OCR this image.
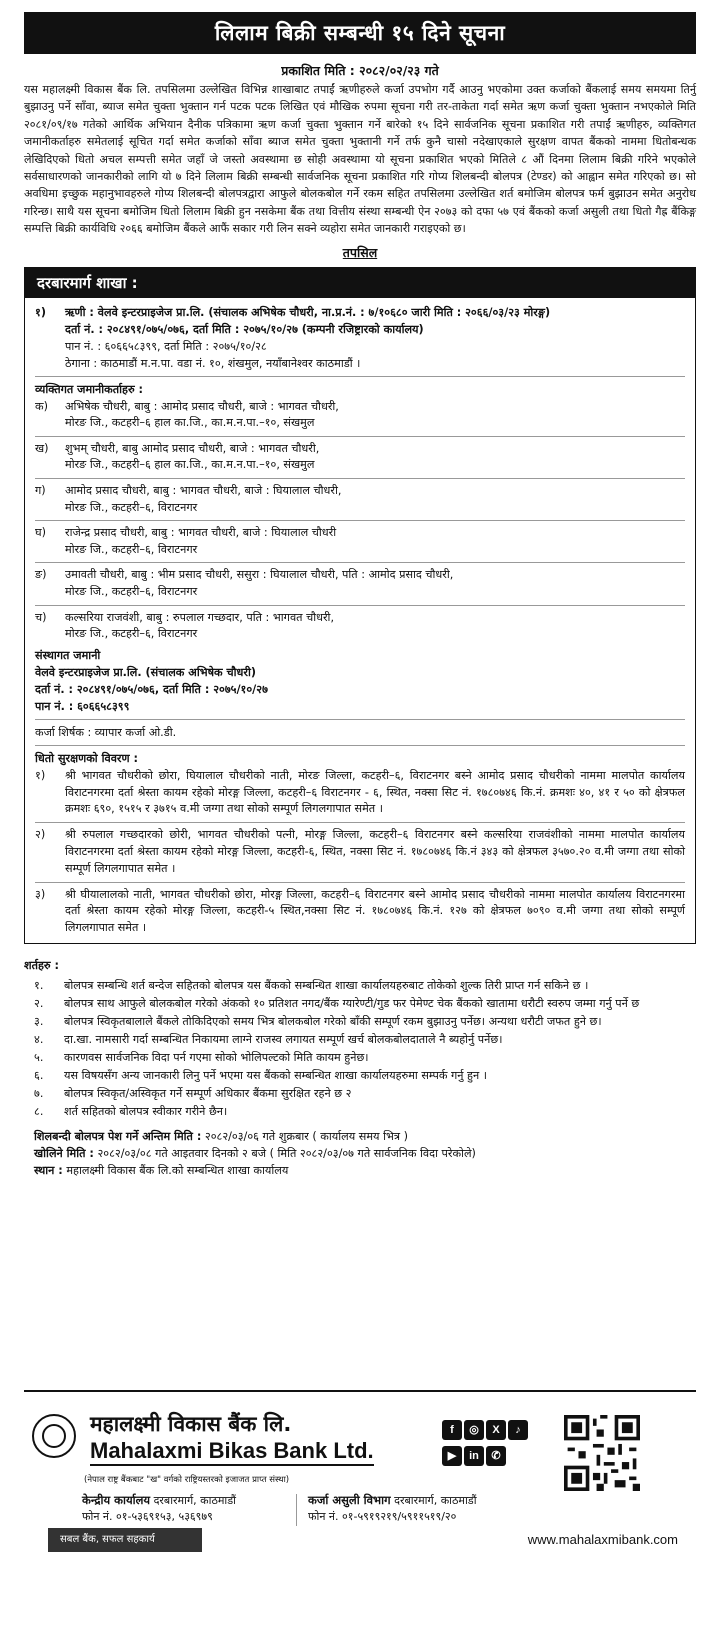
लिलाम बिक्री सम्बन्धी १५ दिने सूचना
प्रकाशित मिति : २०८२/०२/२३ गते
यस महालक्ष्मी विकास बैंक लि. तपसिलमा उल्लेखित विभिन्न शाखाबाट तपाईं ऋणीहरुले कर्जा उपभोग गर्दै आउनु भएकोमा उक्त कर्जाको बैंकलाई समय समयमा तिर्नु बुझाउनु पर्ने साँवा, ब्याज समेत चुक्ता भुक्तान गर्न पटक पटक लिखित एवं मौखिक रुपमा सूचना गरी तर-ताकेता गर्दा समेत ऋण कर्जा चुक्ता भुक्तान नभएकोले मिति २०८१/०९/१७ गतेको आर्थिक अभियान दैनीक पत्रिकामा ऋण कर्जा चुक्ता भुक्तान गर्ने बारेको १५ दिने सार्वजनिक सूचना प्रकाशित गरी तपाईं ऋणीहरु, व्यक्तिगत जमानीकर्ताहरु समेतलाई सूचित गर्दा समेत कर्जाको साँवा ब्याज समेत चुक्ता भुक्तानी गर्ने तर्फ कुनै चासो नदेखाएकाले सुरक्षण वापत बैंकको नाममा धितोबन्धक लेखिदिएको धितो अचल सम्पत्ती समेत जहाँ जे जस्तो अवस्थामा छ सोही अवस्थामा यो सूचना प्रकाशित भएको मितिले ८ औं दिनमा लिलाम बिक्री गरिने भएकोले सर्वसाधारणको जानकारीको लागि यो ७ दिने लिलाम बिक्री सम्बन्धी सार्वजनिक सूचना प्रकाशित गरि गोप्य शिलबन्दी बोलपत्र (टेण्डर) को आह्वान समेत गरिएको छ। सो अवधिमा इच्छुक महानुभावहरुले गोप्य शिलबन्दी बोलपत्रद्वारा आफुले बोलकबोल गर्ने रकम सहित तपसिलमा उल्लेखित शर्त बमोजिम बोलपत्र फर्म बुझाउन समेत अनुरोध गरिन्छ। साथै यस सूचना बमोजिम धितो लिलाम बिक्री हुन नसकेमा बैंक तथा वित्तीय संस्था सम्बन्धी ऐन २०७३ को दफा ५७ एवं बैंकको कर्जा असुली तथा धितो गैह्र बैंकिङ्ग सम्पत्ति बिक्री कार्यविधि २०६६ बमोजिम बैंकले आफैं सकार गरी लिन सक्ने व्यहोरा समेत जानकारी गराइएको छ।
तपसिल
दरबारमार्ग शाखा :
१)	ऋणी : वेलवे इन्टरप्राइजेज प्रा.लि. (संचालक अभिषेक चौधरी, ना.प्र.नं. : ७/१०६८० जारी मिति : २०६६/०३/२३ मोरङ्ग)
दर्ता नं. : २०८४९१/०७५/०७६, दर्ता मिति : २०७५/१०/२७ (कम्पनी रजिष्ट्रारको कार्यालय)
पान नं. : ६०६६५८३९९, दर्ता मिति : २०७५/१०/२८
ठेगाना : काठमाडौं म.न.पा. वडा नं. १०, शंखमुल, नयाँबानेश्वर काठमाडौं ।
व्यक्तिगत जमानीकर्ताहरु :
क)	अभिषेक चौधरी, बाबु : आमोद प्रसाद चौधरी, बाजे : भागवत चौधरी,
मोरङ जि., कटहरी–६ हाल का.जि., का.म.न.पा.–१०, संखमुल
ख)	शुभम् चौधरी, बाबु आमोद प्रसाद चौधरी, बाजे : भागवत चौधरी,
मोरङ जि., कटहरी–६ हाल का.जि., का.म.न.पा.–१०, संखमुल
ग)	आमोद प्रसाद चौधरी, बाबु : भागवत चौधरी, बाजे : घियालाल चौधरी,
मोरङ जि., कटहरी–६, विराटनगर
घ)	राजेन्द्र प्रसाद चौधरी, बाबु : भागवत चौधरी, बाजे : घियालाल चौधरी
मोरङ जि., कटहरी–६, विराटनगर
ङ)	उमावती चौधरी, बाबु : भीम प्रसाद चौधरी, ससुरा : घियालाल चौधरी, पति : आमोद प्रसाद चौधरी,
मोरङ जि., कटहरी–६, विराटनगर
च)	कल्सरिया राजवंशी, बाबु : रुपलाल गच्छदार, पति : भागवत चौधरी,
मोरङ जि., कटहरी–६, विराटनगर
संस्थागत जमानी
वेलवे इन्टरप्राइजेज प्रा.लि. (संचालक अभिषेक चौधरी)
दर्ता नं. : २०८४९१/०७५/०७६, दर्ता मिति : २०७५/१०/२७
पान नं. : ६०६६५८३९९
कर्जा शिर्षक : व्यापार कर्जा ओ.डी.
धितो सुरक्षणको विवरण :
१)	श्री भागवत चौधरीको छोरा, घियालाल चौधरीको नाती, मोरङ जिल्ला, कटहरी–६, विराटनगर बस्ने आमोद प्रसाद चौधरीको नाममा मालपोत कार्यालय विराटनगरमा दर्ता श्रेस्ता कायम रहेको मोरङ्ग जिल्ला, कटहरी–६ विराटनगर - ६, स्थित, नक्सा सिट नं. १७८०७४६ कि.नं. क्रमशः ४०, ४१ र ५० को क्षेत्रफल क्रमशः ६९०, १५१५ र ३७१५ व.मी जग्गा तथा सोको सम्पूर्ण लिगलगापात समेत ।
२)	श्री रुपलाल गच्छदारको छोरी, भागवत चौधरीको पत्नी, मोरङ्ग जिल्ला, कटहरी–६ विराटनगर बस्ने कल्सरिया राजवंशीको नाममा मालपोत कार्यालय विराटनगरमा दर्ता श्रेस्ता कायम रहेको मोरङ्ग जिल्ला, कटहरी-६, स्थित, नक्सा सिट नं. १७८०७४६ कि.नं ३४३ को क्षेत्रफल ३५७०.२० व.मी जग्गा तथा सोको सम्पूर्ण लिगलगापात समेत ।
३)	श्री घीयालालको नाती, भागवत चौधरीको छोरा, मोरङ्ग जिल्ला, कटहरी–६ विराटनगर बस्ने आमोद प्रसाद चौधरीको नाममा मालपोत कार्यालय विराटनगरमा दर्ता श्रेस्ता कायम रहेको मोरङ्ग जिल्ला, कटहरी-५ स्थित,नक्सा सिट नं. १७८०७४६ कि.नं. १२७ को क्षेत्रफल ७०९० व.मी जग्गा तथा सोको सम्पूर्ण लिगलगापात समेत ।
शर्तहरु :
१.	बोलपत्र सम्बन्धि शर्त बन्देज सहितको बोलपत्र यस बैंकको सम्बन्धित शाखा कार्यालयहरुबाट तोकेको शुल्क तिरी प्राप्त गर्न सकिने छ ।
२.	बोलपत्र साथ आफुले बोलकबोल गरेको अंकको १० प्रतिशत नगद/बैंक ग्यारेण्टी/गुड फर पेमेण्ट चेक बैंकको खातामा धरौटी स्वरुप जम्मा गर्नु पर्ने छ
३.	बोलपत्र स्विकृतबालाले बैंकले तोकिदिएको समय भित्र बोलकबोल गरेको बाँकी सम्पूर्ण रकम बुझाउनु पर्नेछ। अन्यथा धरौटी जफत हुने छ।
४.	दा.खा. नामसारी गर्दा सम्बन्धित निकायमा लाग्ने राजस्व लगायत सम्पूर्ण खर्च बोलकबोलदाताले नै ब्यहोर्नु पर्नेछ।
५.	कारणवस सार्वजनिक विदा पर्न गएमा सोको भोलिपल्टको मिति कायम हुनेछ।
६.	यस विषयसँग अन्य जानकारी लिनु पर्ने भएमा यस बैंकको सम्बन्धित शाखा कार्यालयहरुमा सम्पर्क गर्नु हुन ।
७.	बोलपत्र स्विकृत/अस्विकृत गर्ने सम्पूर्ण अधिकार बैंकमा सुरक्षित रहने छ २
८.	शर्त सहितको बोलपत्र स्वीकार गरीने छैन।
शिलबन्दी बोलपत्र पेश गर्ने अन्तिम मिति : २०८२/०३/०६ गते शुक्रबार ( कार्यालय समय भित्र )
खोलिने मिति : २०८२/०३/०८ गते आइतवार दिनको २ बजे ( मिति २०८२/०३/०७ गते सार्वजनिक विदा परेकोले)
स्थान : महालक्ष्मी विकास बैंक लि.को सम्बन्धित शाखा कार्यालय
महालक्ष्मी विकास बैंक लि.
Mahalaxmi Bikas Bank Ltd.
(नेपाल राष्ट्र बैंकबाट "ख" वर्गको राष्ट्रियस्तरको इजाजत प्राप्त संस्था)
f ◎ X ♪
▶ in ✆
केन्द्रीय कार्यालय दरबारमार्ग, काठमाडौं
फोन नं. ०१-५३६९१५३, ५३६९७९
कर्जा असुली विभाग दरबारमार्ग, काठमाडौं
फोन नं. ०१-५९१९२१९/५९११५१९/२०
सबल बैंक, सफल सहकार्य	www.mahalaxmibank.com
